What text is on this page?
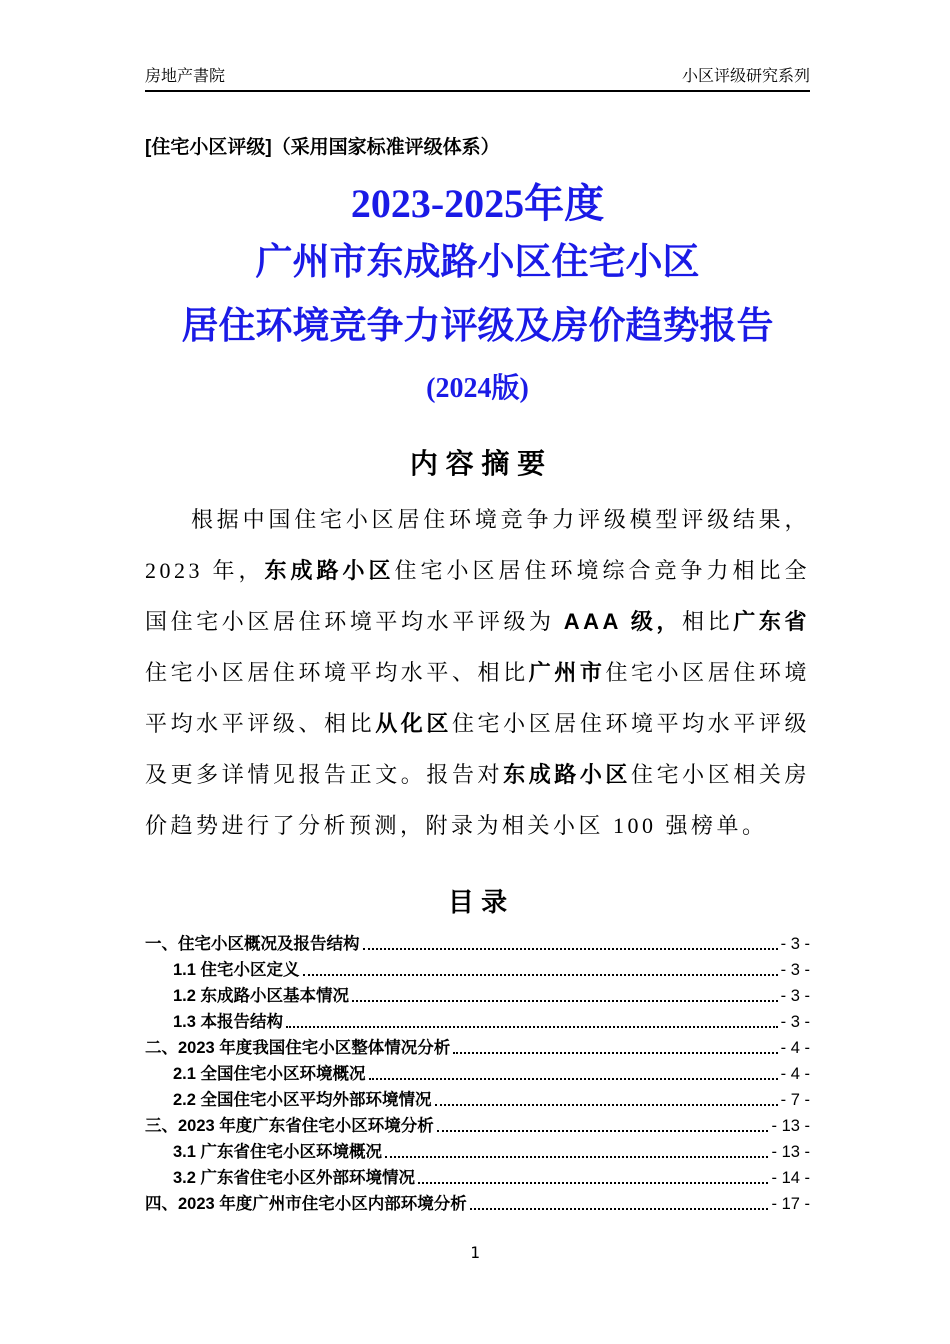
房地产書院	小区评级研究系列
[住宅小区评级]（采用国家标准评级体系）
2023-2025年度
广州市东成路小区住宅小区
居住环境竞争力评级及房价趋势报告
(2024版)
内 容 摘 要

根据中国住宅小区居住环境竞争力评级模型评级结果，2023 年，东成路小区住宅小区居住环境综合竞争力相比全国住宅小区居住环境平均水平评级为 AAA 级，相比广东省住宅小区居住环境平均水平、相比广州市住宅小区居住环境平均水平评级、相比从化区住宅小区居住环境平均水平评级及更多详情见报告正文。报告对东成路小区住宅小区相关房价趋势进行了分析预测，附录为相关小区 100 强榜单。

目 录
一、住宅小区概况及报告结构	- 3 -
1.1 住宅小区定义	- 3 -
1.2 东成路小区基本情况	- 3 -
1.3 本报告结构	- 3 -
二、2023 年度我国住宅小区整体情况分析	- 4 -
2.1 全国住宅小区环境概况	- 4 -
2.2 全国住宅小区平均外部环境情况	- 7 -
三、2023 年度广东省住宅小区环境分析	- 13 -
3.1 广东省住宅小区环境概况	- 13 -
3.2 广东省住宅小区外部环境情况	- 14 -
四、2023 年度广州市住宅小区内部环境分析	- 17 -
1
